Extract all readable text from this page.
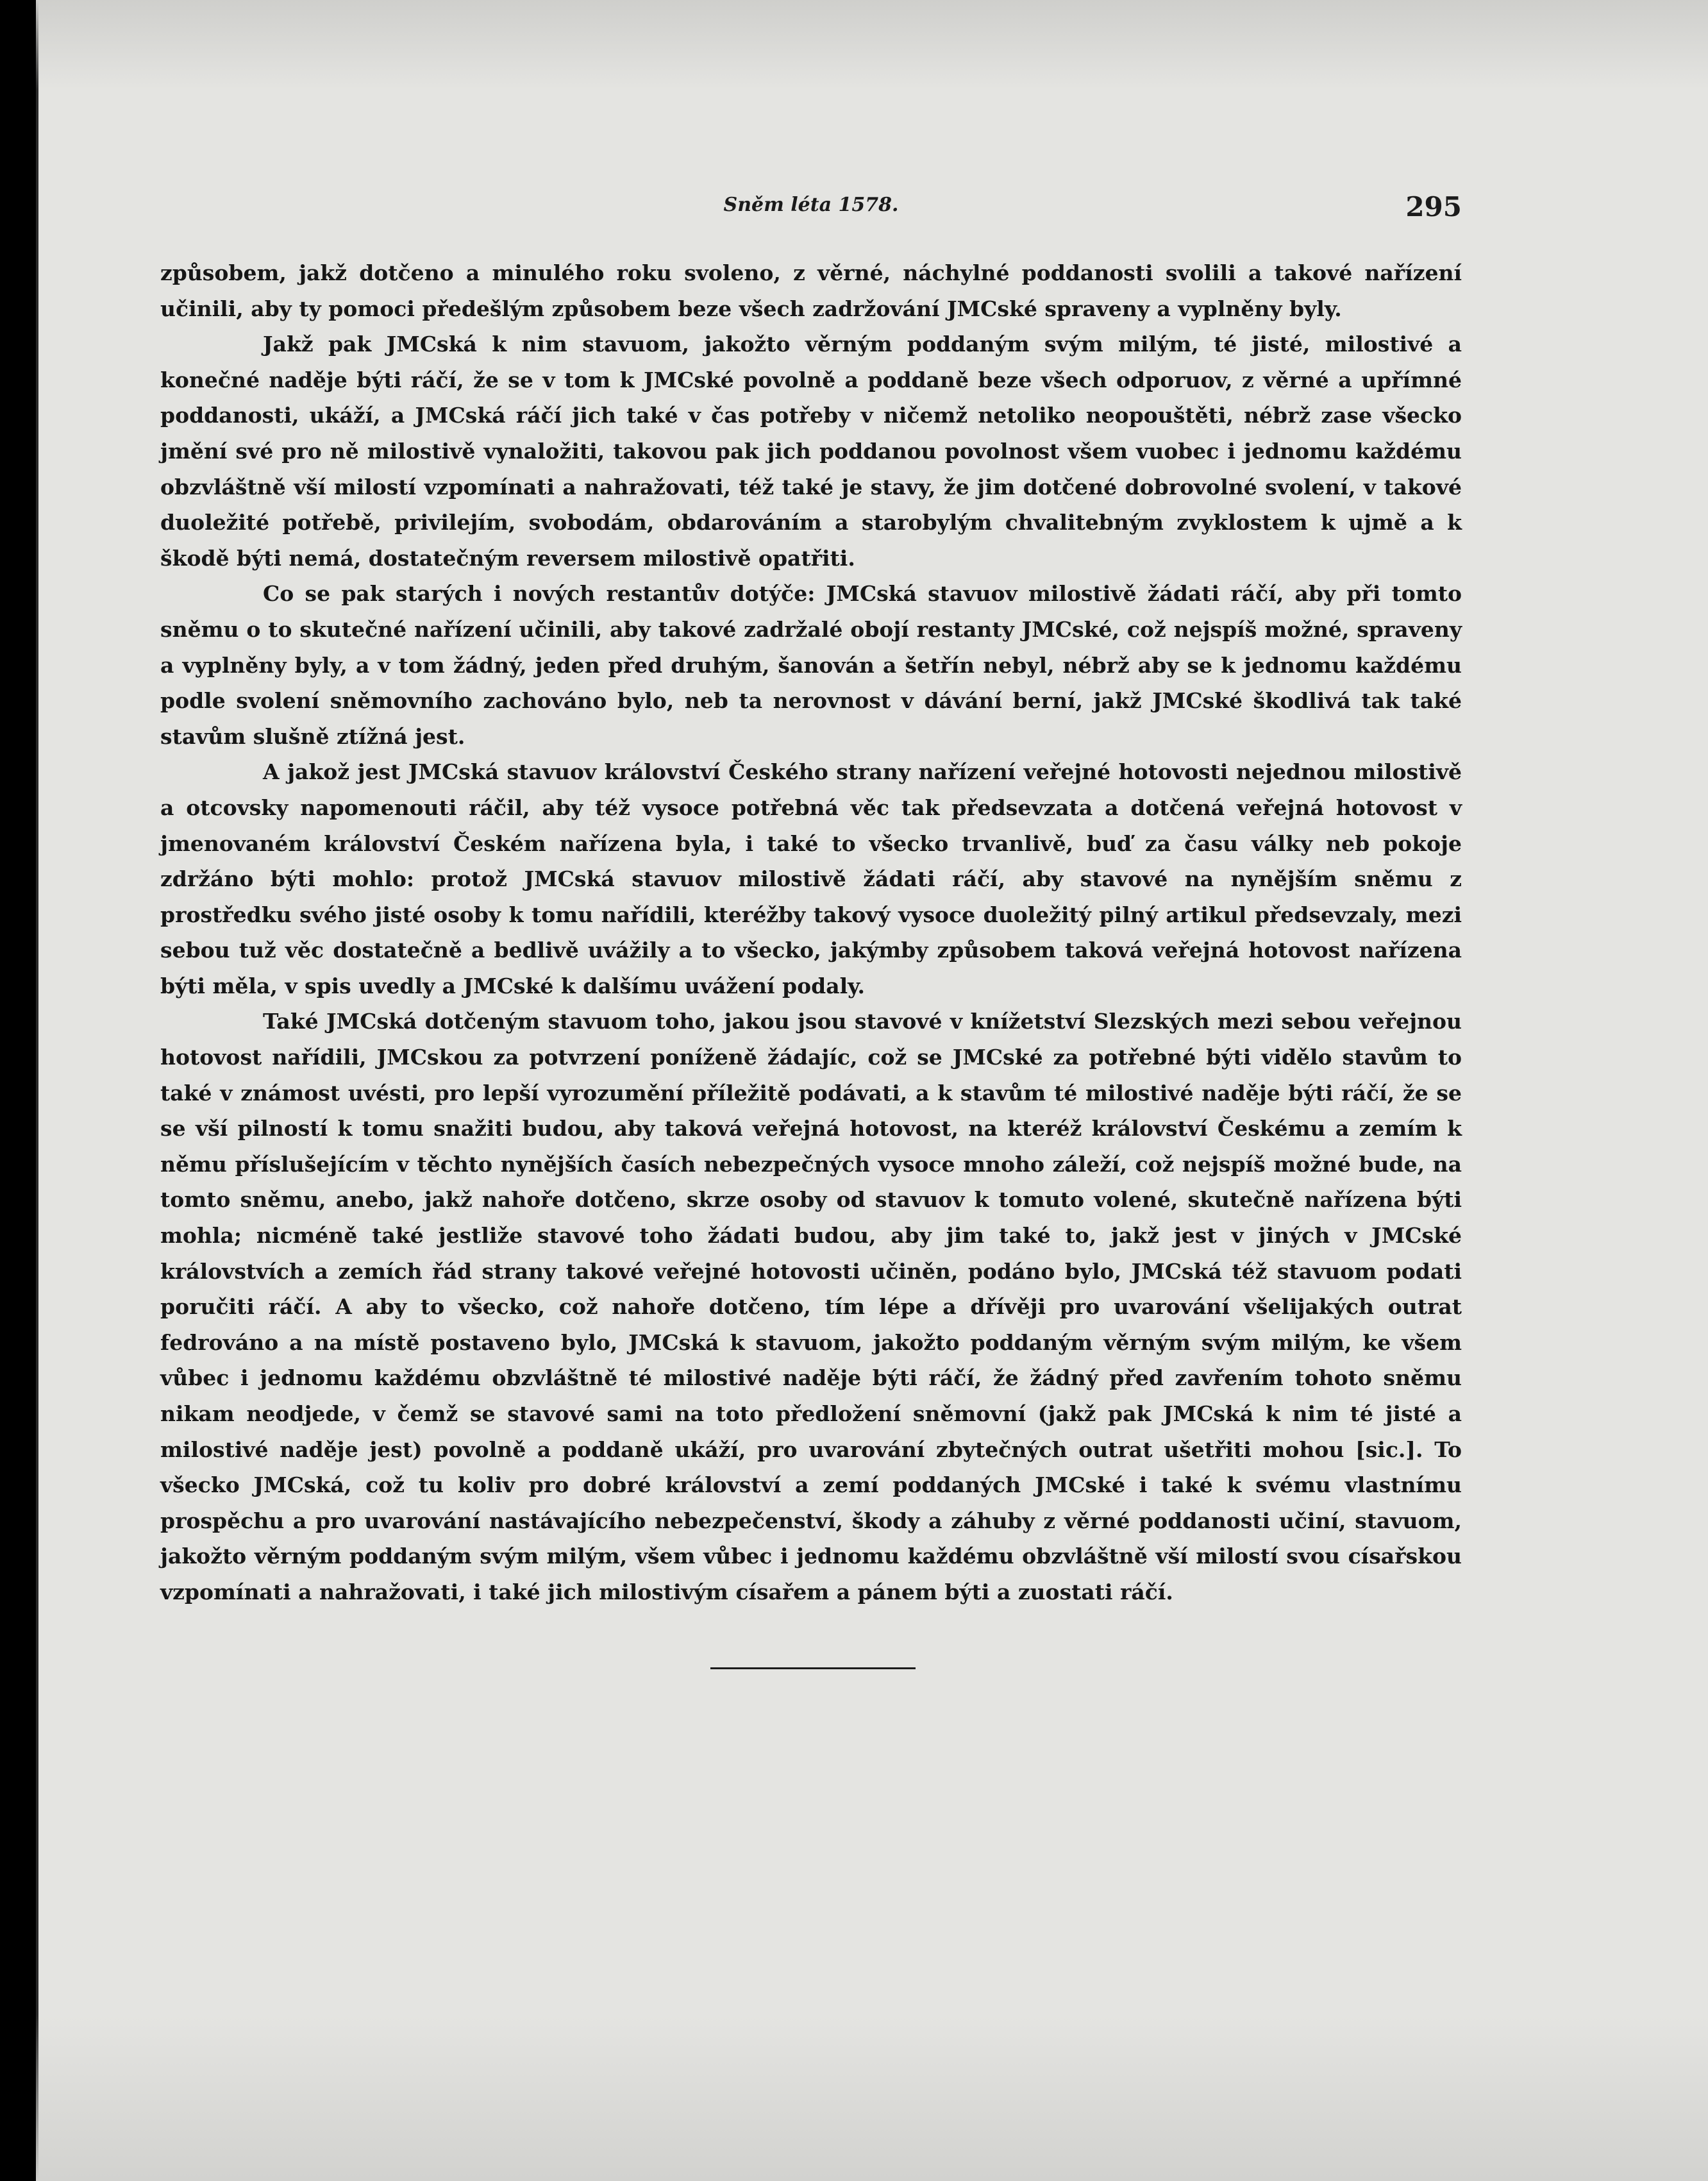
Sněm léta 1578.	295

způsobem, jakž dotčeno a minulého roku svoleno, z věrné, náchylné poddanosti svolili a takové nařízení učinili, aby ty pomoci předešlým způsobem beze všech zadržování JMCské spraveny a vyplněny byly.

Jakž pak JMCská k nim stavuom, jakožto věrným poddaným svým milým, té jisté, milostivé a konečné naděje býti ráčí, že se v tom k JMCské povolně a poddaně beze všech odporuov, z věrné a upřímné poddanosti, ukáží, a JMCská ráčí jich také v čas potřeby v ničemž netoliko neopouštěti, nébrž zase všecko jmění své pro ně milostivě vynaložiti, takovou pak jich poddanou povolnost všem vuobec i jednomu každému obzvláštně vší milostí vzpomínati a nahražovati, též také je stavy, že jim dotčené dobrovolné svolení, v takové duoležité potřebě, privilejím, svobodám, obdarováním a starobylým chvalitebným zvyklostem k ujmě a k škodě býti nemá, dostatečným reversem milostivě opatřiti.

Co se pak starých i nových restantův dotýče: JMCská stavuov milostivě žádati ráčí, aby při tomto sněmu o to skutečné nařízení učinili, aby takové zadržalé obojí restanty JMCské, což nejspíš možné, spraveny a vyplněny byly, a v tom žádný, jeden před druhým, šanován a šetřín nebyl, nébrž aby se k jednomu každému podle svolení sněmovního zachováno bylo, neb ta nerovnost v dávání berní, jakž JMCské škodlivá tak také stavům slušně ztížná jest.

A jakož jest JMCská stavuov království Českého strany nařízení veřejné hotovosti nejednou milostivě a otcovsky napomenouti ráčil, aby též vysoce potřebná věc tak předsevzata a dotčená veřejná hotovost v jmenovaném království Českém nařízena byla, i také to všecko trvanlivě, buď za času války neb pokoje zdržáno býti mohlo: protož JMCská stavuov milostivě žádati ráčí, aby stavové na nynějším sněmu z prostředku svého jisté osoby k tomu nařídili, kteréžby takový vysoce duoležitý pilný artikul předsevzaly, mezi sebou tuž věc dostatečně a bedlivě uvážily a to všecko, jakýmby způsobem taková veřejná hotovost nařízena býti měla, v spis uvedly a JMCské k dalšímu uvážení podaly.

Také JMCská dotčeným stavuom toho, jakou jsou stavové v knížetství Slezských mezi sebou veřejnou hotovost nařídili, JMCskou za potvrzení poníženě žádajíc, což se JMCské za potřebné býti vidělo stavům to také v známost uvésti, pro lepší vyrozumění příležitě podávati, a k stavům té milostivé naděje býti ráčí, že se se vší pilností k tomu snažiti budou, aby taková veřejná hotovost, na kteréž království Českému a zemím k němu příslušejícím v těchto nynějších časích nebezpečných vysoce mnoho záleží, což nejspíš možné bude, na tomto sněmu, anebo, jakž nahoře dotčeno, skrze osoby od stavuov k tomuto volené, skutečně nařízena býti mohla; nicméně také jestliže stavové toho žádati budou, aby jim také to, jakž jest v jiných v JMCské královstvích a zemích řád strany takové veřejné hotovosti učiněn, podáno bylo, JMCská též stavuom podati poručiti ráčí. A aby to všecko, což nahoře dotčeno, tím lépe a dřívěji pro uvarování všelijakých outrat fedrováno a na místě postaveno bylo, JMCská k stavuom, jakožto poddaným věrným svým milým, ke všem vůbec i jednomu každému obzvláštně té milostivé naděje býti ráčí, že žádný před zavřením tohoto sněmu nikam neodjede, v čemž se stavové sami na toto předložení sněmovní (jakž pak JMCská k nim té jisté a milostivé naděje jest) povolně a poddaně ukáží, pro uvarování zbytečných outrat ušetřiti mohou [sic.]. To všecko JMCská, což tu koliv pro dobré království a zemí poddaných JMCské i také k svému vlastnímu prospěchu a pro uvarování nastávajícího nebezpečenství, škody a záhuby z věrné poddanosti učiní, stavuom, jakožto věrným poddaným svým milým, všem vůbec i jednomu každému obzvláštně vší milostí svou císařskou vzpomínati a nahražovati, i také jich milostivým císařem a pánem býti a zuostati ráčí.
